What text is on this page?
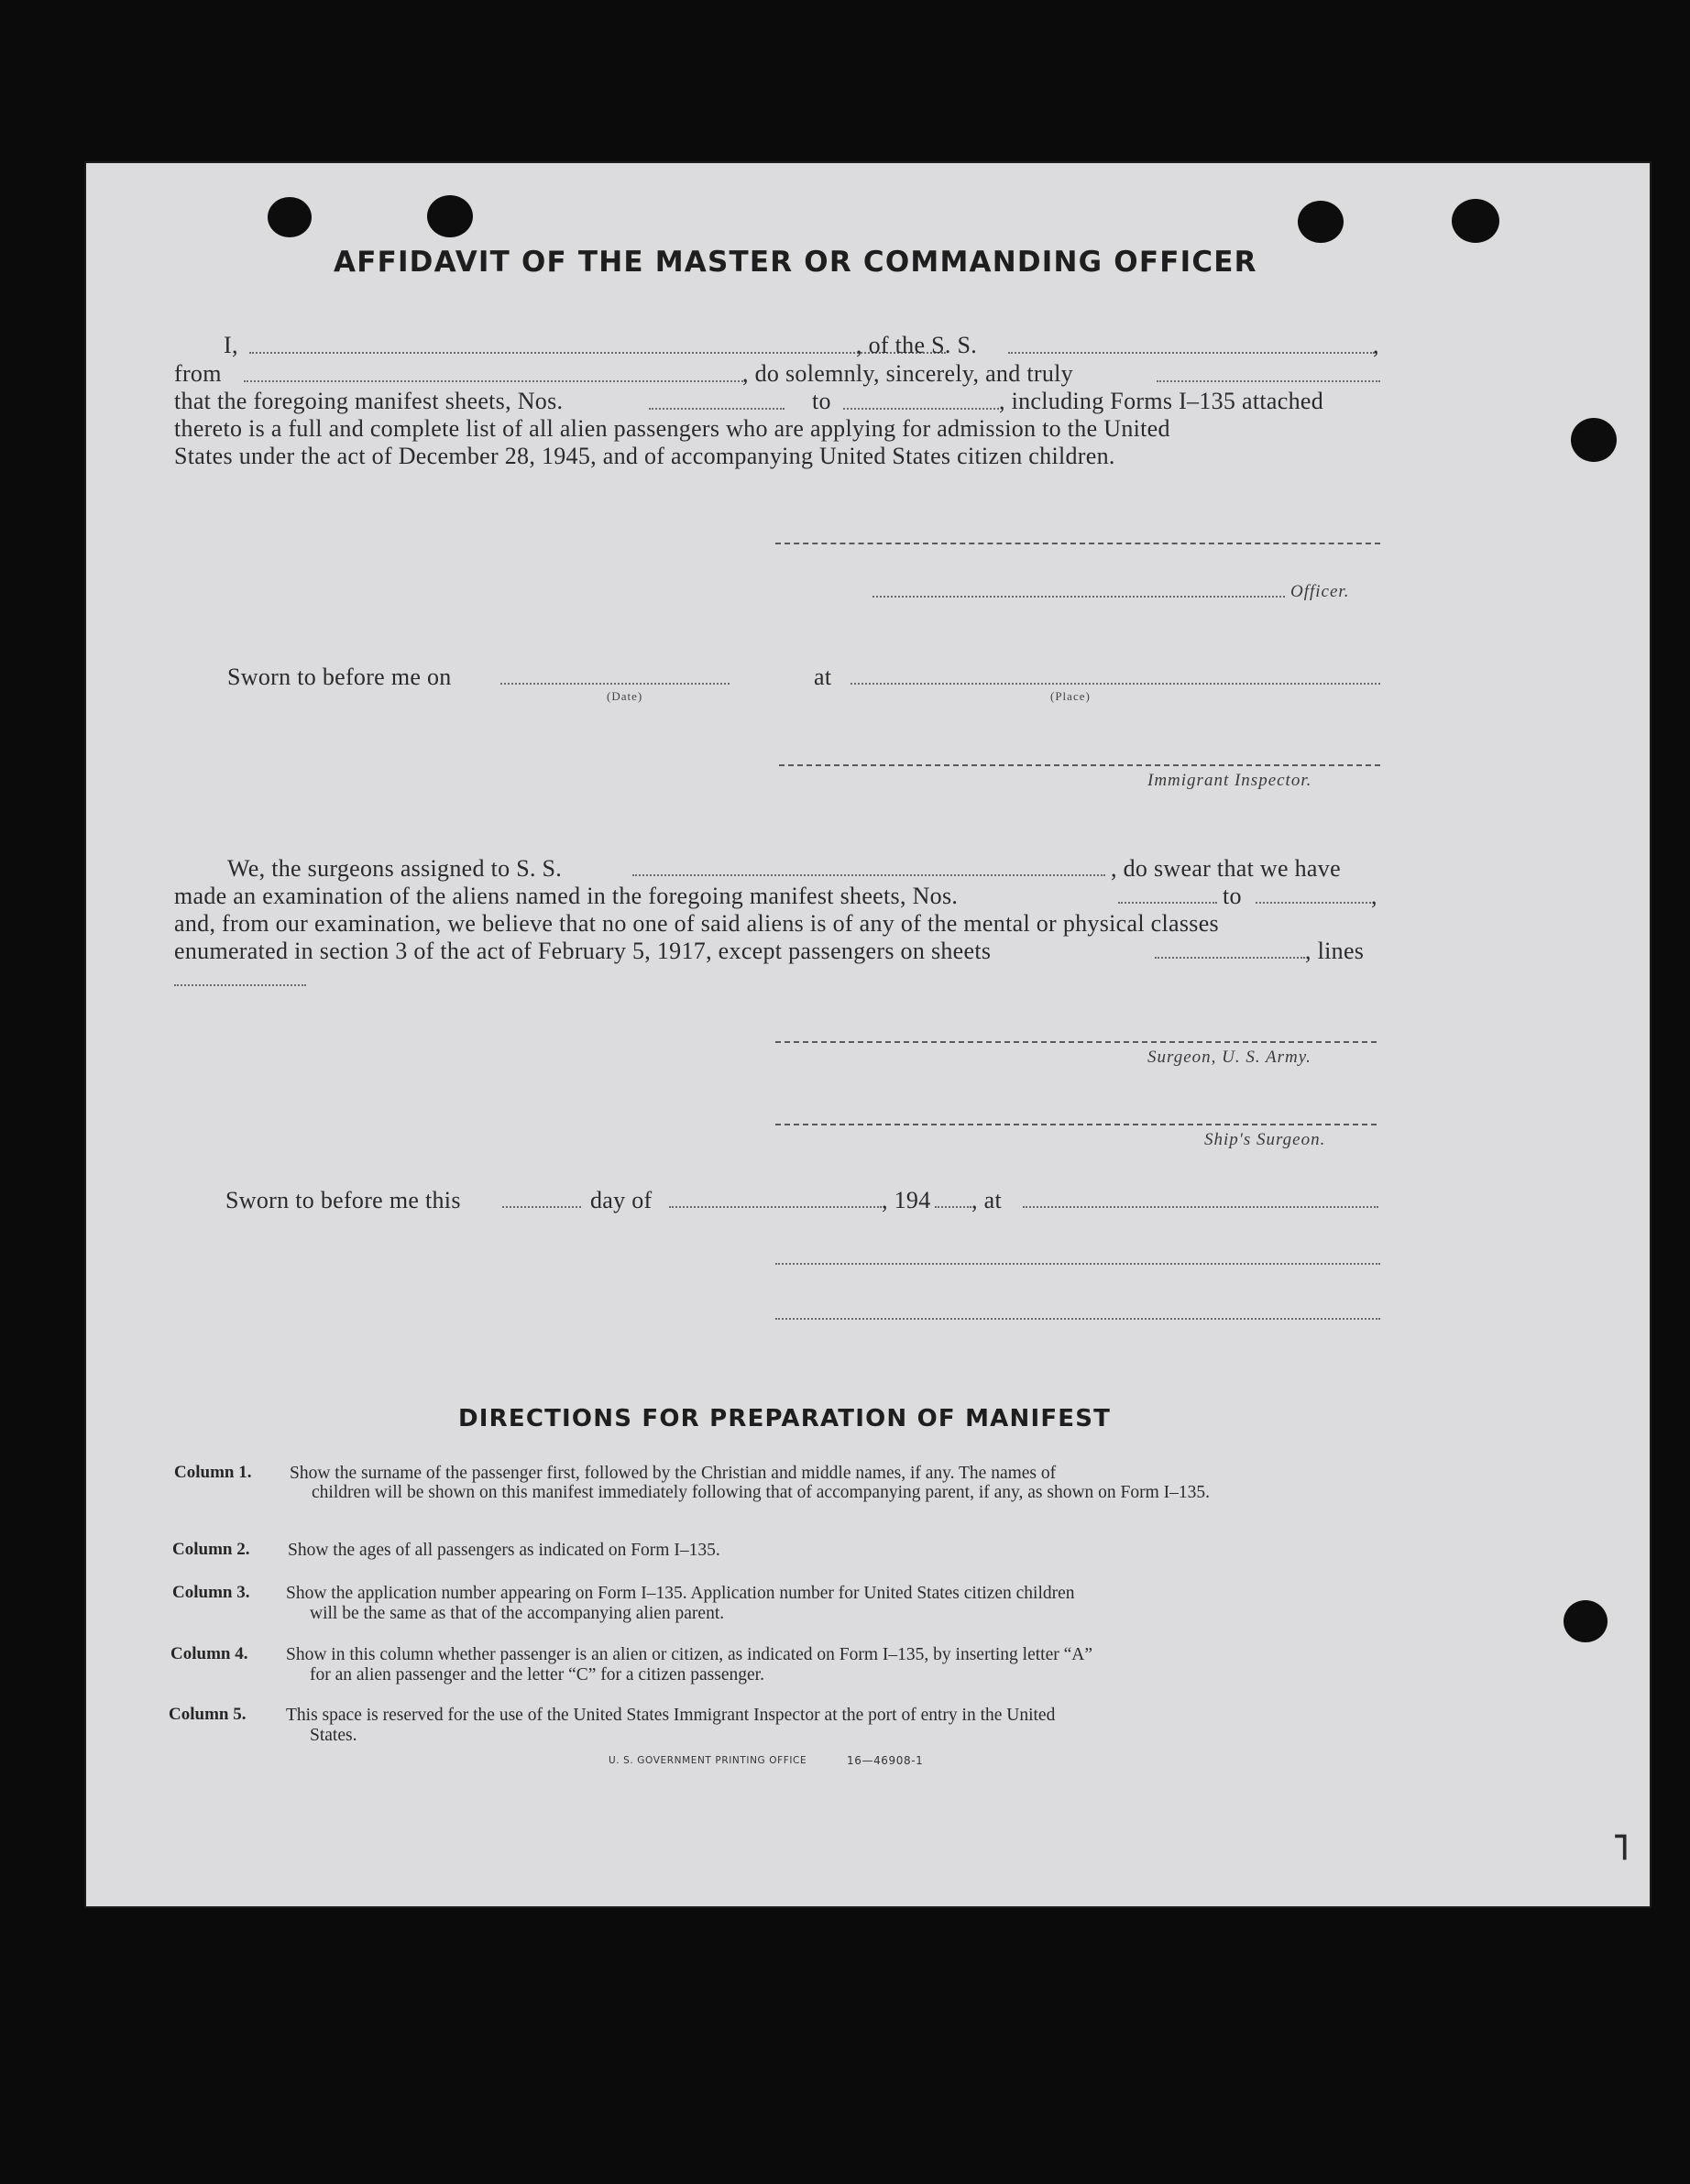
AFFIDAVIT OF THE MASTER OR COMMANDING OFFICER
I,	, of the S. S.	,
from	, do solemnly, sincerely, and truly
that the foregoing manifest sheets, Nos.	to	, including Forms I–135 attached
thereto is a full and complete list of all alien passengers who are applying for admission to the United
States under the act of December 28, 1945, and of accompanying United States citizen children.
Officer.
Sworn to before me on	at
(Date)	(Place)
Immigrant Inspector.
We, the surgeons assigned to S. S.	, do swear that we have
made an examination of the aliens named in the foregoing manifest sheets, Nos.	to	,
and, from our examination, we believe that no one of said aliens is of any of the mental or physical classes
enumerated in section 3 of the act of February 5, 1917, except passengers on sheets	, lines
Surgeon, U. S. Army.
Ship's Surgeon.
Sworn to before me this	day of	, 194 , at
DIRECTIONS FOR PREPARATION OF MANIFEST
Column 1. Show the surname of the passenger first, followed by the Christian and middle names, if any. The names of
children will be shown on this manifest immediately following that of accompanying parent, if any, as shown on Form I–135.
Column 2. Show the ages of all passengers as indicated on Form I–135.
Column 3. Show the application number appearing on Form I–135. Application number for United States citizen children
will be the same as that of the accompanying alien parent.
Column 4. Show in this column whether passenger is an alien or citizen, as indicated on Form I–135, by inserting letter “A”
for an alien passenger and the letter “C” for a citizen passenger.
Column 5. This space is reserved for the use of the United States Immigrant Inspector at the port of entry in the United
States.
U. S. GOVERNMENT PRINTING OFFICE	16—46908-1
⌐
